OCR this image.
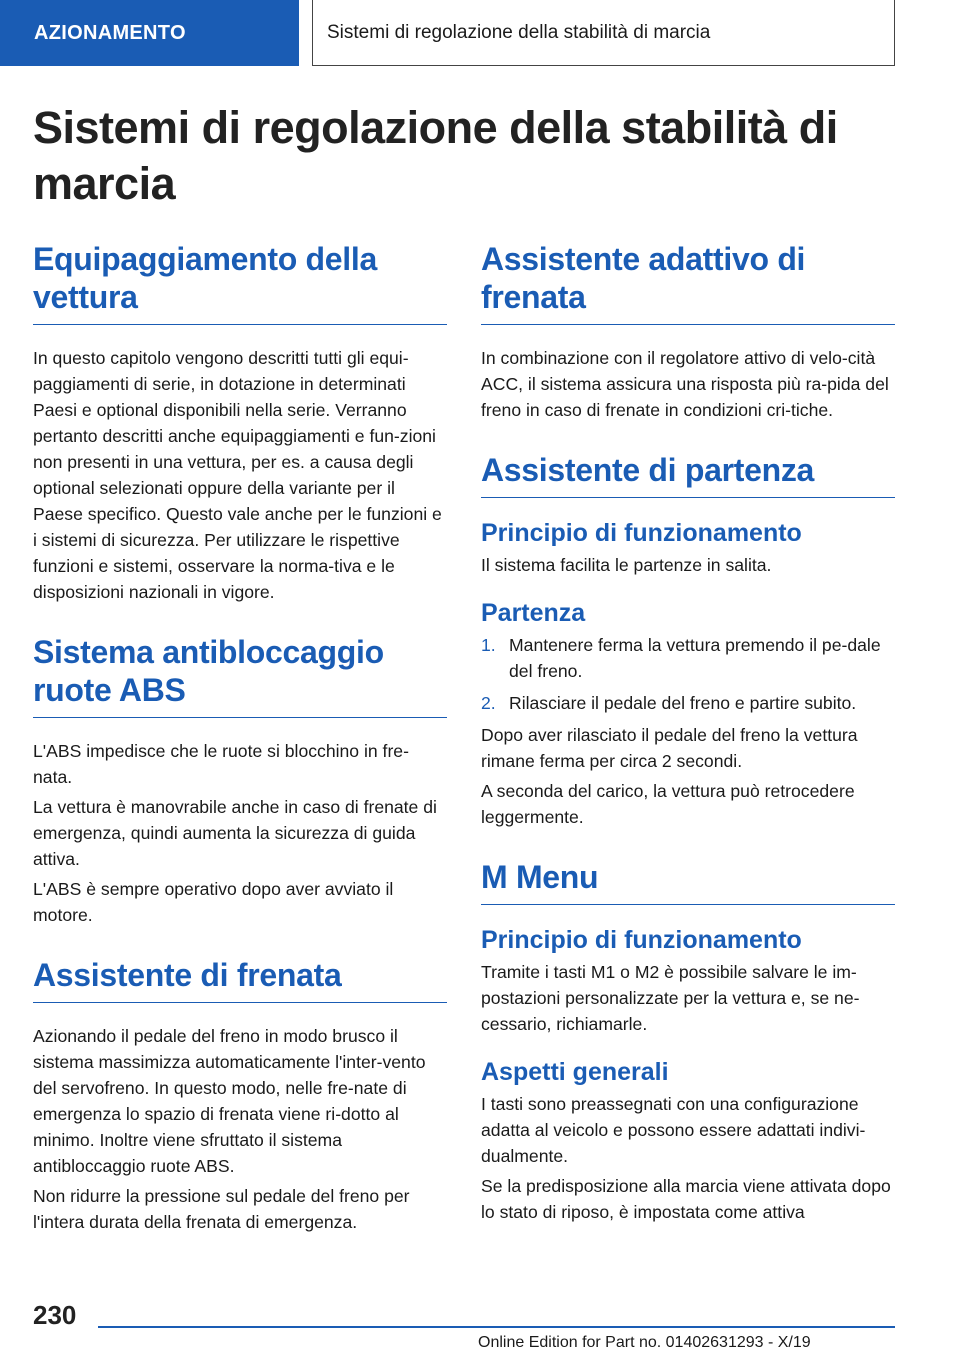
AZIONAMENTO	Sistemi di regolazione della stabilità di marcia
Sistemi di regolazione della stabilità di marcia
Equipaggiamento della vettura

In questo capitolo vengono descritti tutti gli equi-paggiamenti di serie, in dotazione in determinati Paesi e optional disponibili nella serie. Verranno pertanto descritti anche equipaggiamenti e fun-zioni non presenti in una vettura, per es. a causa degli optional selezionati oppure della variante per il Paese specifico. Questo vale anche per le funzioni e i sistemi di sicurezza. Per utilizzare le rispettive funzioni e sistemi, osservare la norma-tiva e le disposizioni nazionali in vigore.

Sistema antibloccaggio ruote ABS

L'ABS impedisce che le ruote si blocchino in fre-nata.

La vettura è manovrabile anche in caso di frenate di emergenza, quindi aumenta la sicurezza di guida attiva.

L'ABS è sempre operativo dopo aver avviato il motore.

Assistente di frenata

Azionando il pedale del freno in modo brusco il sistema massimizza automaticamente l'inter-vento del servofreno. In questo modo, nelle fre-nate di emergenza lo spazio di frenata viene ri-dotto al minimo. Inoltre viene sfruttato il sistema antibloccaggio ruote ABS.

Non ridurre la pressione sul pedale del freno per l'intera durata della frenata di emergenza.

Assistente adattivo di frenata

In combinazione con il regolatore attivo di velo-cità ACC, il sistema assicura una risposta più ra-pida del freno in caso di frenate in condizioni cri-tiche.

Assistente di partenza
Principio di funzionamento

Il sistema facilita le partenze in salita.

Partenza
1. Mantenere ferma la vettura premendo il pe-dale del freno.
2. Rilasciare il pedale del freno e partire subito.

Dopo aver rilasciato il pedale del freno la vettura rimane ferma per circa 2 secondi.

A seconda del carico, la vettura può retrocedere leggermente.

M Menu
Principio di funzionamento

Tramite i tasti M1 o M2 è possibile salvare le im-postazioni personalizzate per la vettura e, se ne-cessario, richiamarle.

Aspetti generali

I tasti sono preassegnati con una configurazione adatta al veicolo e possono essere adattati indivi-dualmente.

Se la predisposizione alla marcia viene attivata dopo lo stato di riposo, è impostata come attiva

230
Online Edition for Part no. 01402631293 - X/19
